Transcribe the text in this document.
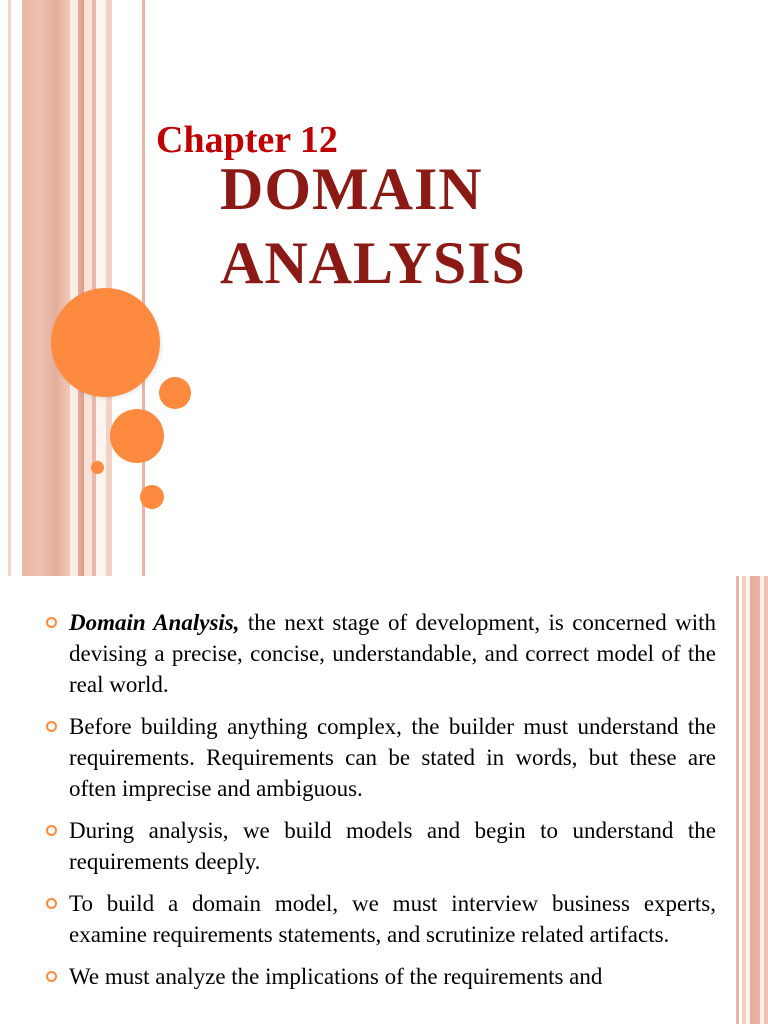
Chapter 12
DOMAIN
ANALYSIS
Domain Analysis, the next stage of development, is concerned with devising a precise, concise, understandable, and correct model of the real world.
Before building anything complex, the builder must understand the requirements. Requirements can be stated in words, but these are often imprecise and ambiguous.
During analysis, we build models and begin to understand the requirements deeply.
To build a domain model, we must interview business experts, examine requirements statements, and scrutinize related artifacts.
We must analyze the implications of the requirements and
